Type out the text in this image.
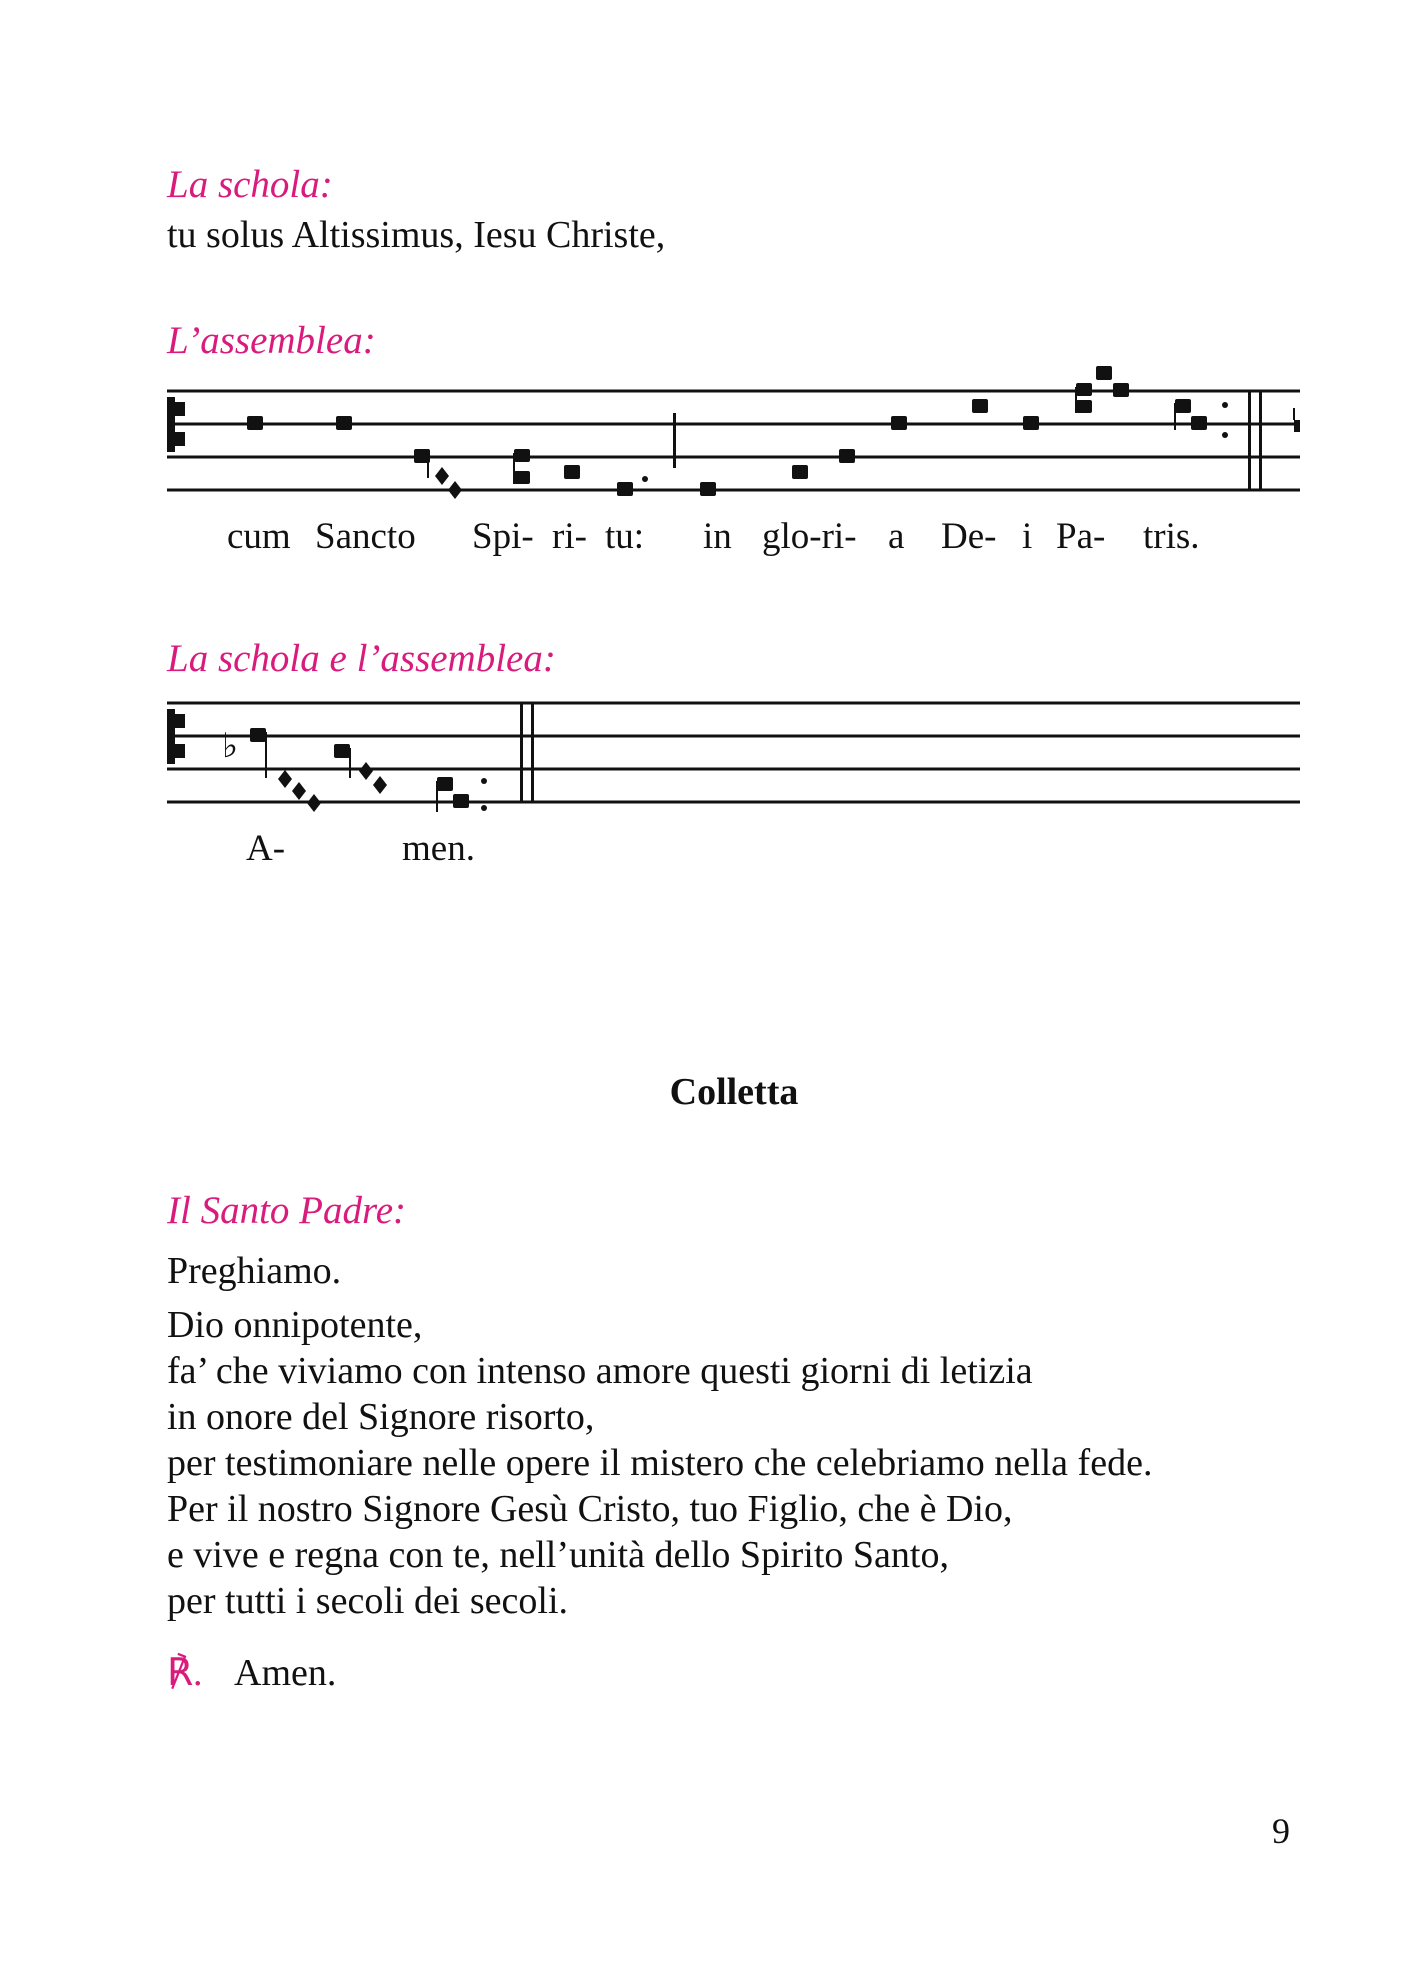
La schola:
tu solus Altissimus, Iesu Christe,
L’assemblea:
♭
cum Sancto Spi- ri- tu: in glo-ri- a De- i Pa- tris.
La schola e l’assemblea:
A-	men.
Colletta
Il Santo Padre:
Preghiamo.
Dio onnipotente,
fa’ che viviamo con intenso amore questi giorni di letizia
in onore del Signore risorto,
per testimoniare nelle opere il mistero che celebriamo nella fede.
Per il nostro Signore Gesù Cristo, tuo Figlio, che è Dio,
e vive e regna con te, nell’unità dello Spirito Santo,
per tutti i secoli dei secoli.
℟. Amen.
9
